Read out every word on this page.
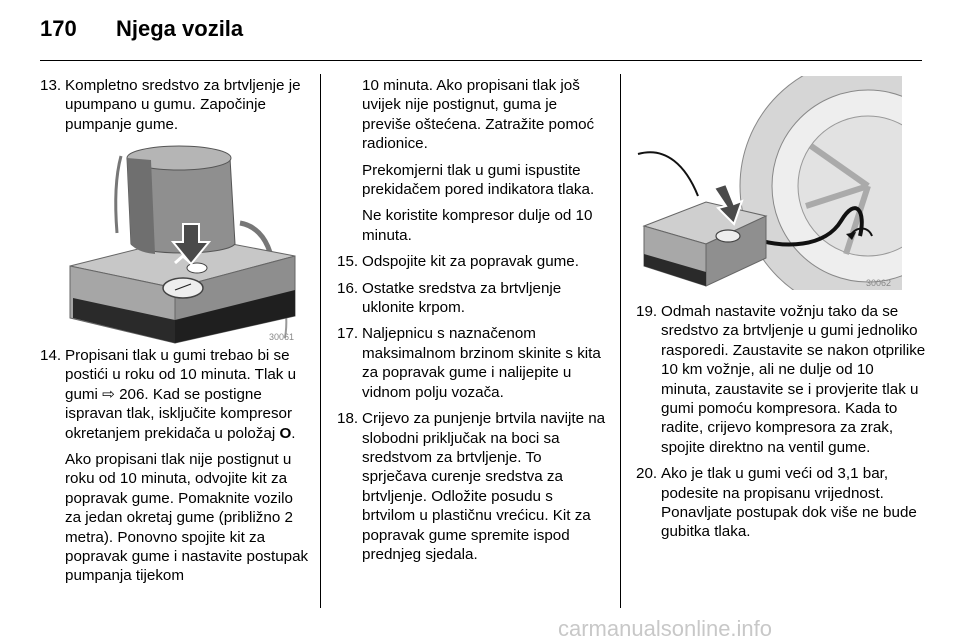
170 Njega vozila
13. Kompletno sredstvo za brtvljenje je upumpano u gumu. Započinje pumpanje gume.
30061
14. Propisani tlak u gumi trebao bi se postići u roku od 10 minuta. Tlak u gumi ⇨ 206. Kad se postigne ispravan tlak, isključite kompresor okretanjem prekidača u položaj O.
Ako propisani tlak nije postignut u roku od 10 minuta, odvojite kit za popravak gume. Pomaknite vozilo za jedan okretaj gume (približno 2 metra). Ponovno spojite kit za popravak gume i nastavite postupak pumpanja tijekom
10 minuta. Ako propisani tlak još uvijek nije postignut, guma je previše oštećena. Zatražite pomoć radionice.
Prekomjerni tlak u gumi ispustite prekidačem pored indikatora tlaka.
Ne koristite kompresor dulje od 10 minuta.
15. Odspojite kit za popravak gume.
16. Ostatke sredstva za brtvljenje uklonite krpom.
17. Naljepnicu s naznačenom maksimalnom brzinom skinite s kita za popravak gume i nalijepite u vidnom polju vozača.
18. Crijevo za punjenje brtvila navijte na slobodni priključak na boci sa sredstvom za brtvljenje. To sprječava curenje sredstva za brtvljenje. Odložite posudu s brtvilom u plastičnu vrećicu. Kit za popravak gume spremite ispod prednjeg sjedala.
30062
19. Odmah nastavite vožnju tako da se sredstvo za brtvljenje u gumi jednoliko rasporedi. Zaustavite se nakon otprilike 10 km vožnje, ali ne dulje od 10 minuta, zaustavite se i provjerite tlak u gumi pomoću kompresora. Kada to radite, crijevo kompresora za zrak, spojite direktno na ventil gume.
20. Ako je tlak u gumi veći od 3,1 bar, podesite na propisanu vrijednost. Ponavljate postupak dok više ne bude gubitka tlaka.
carmanualsonline.info
